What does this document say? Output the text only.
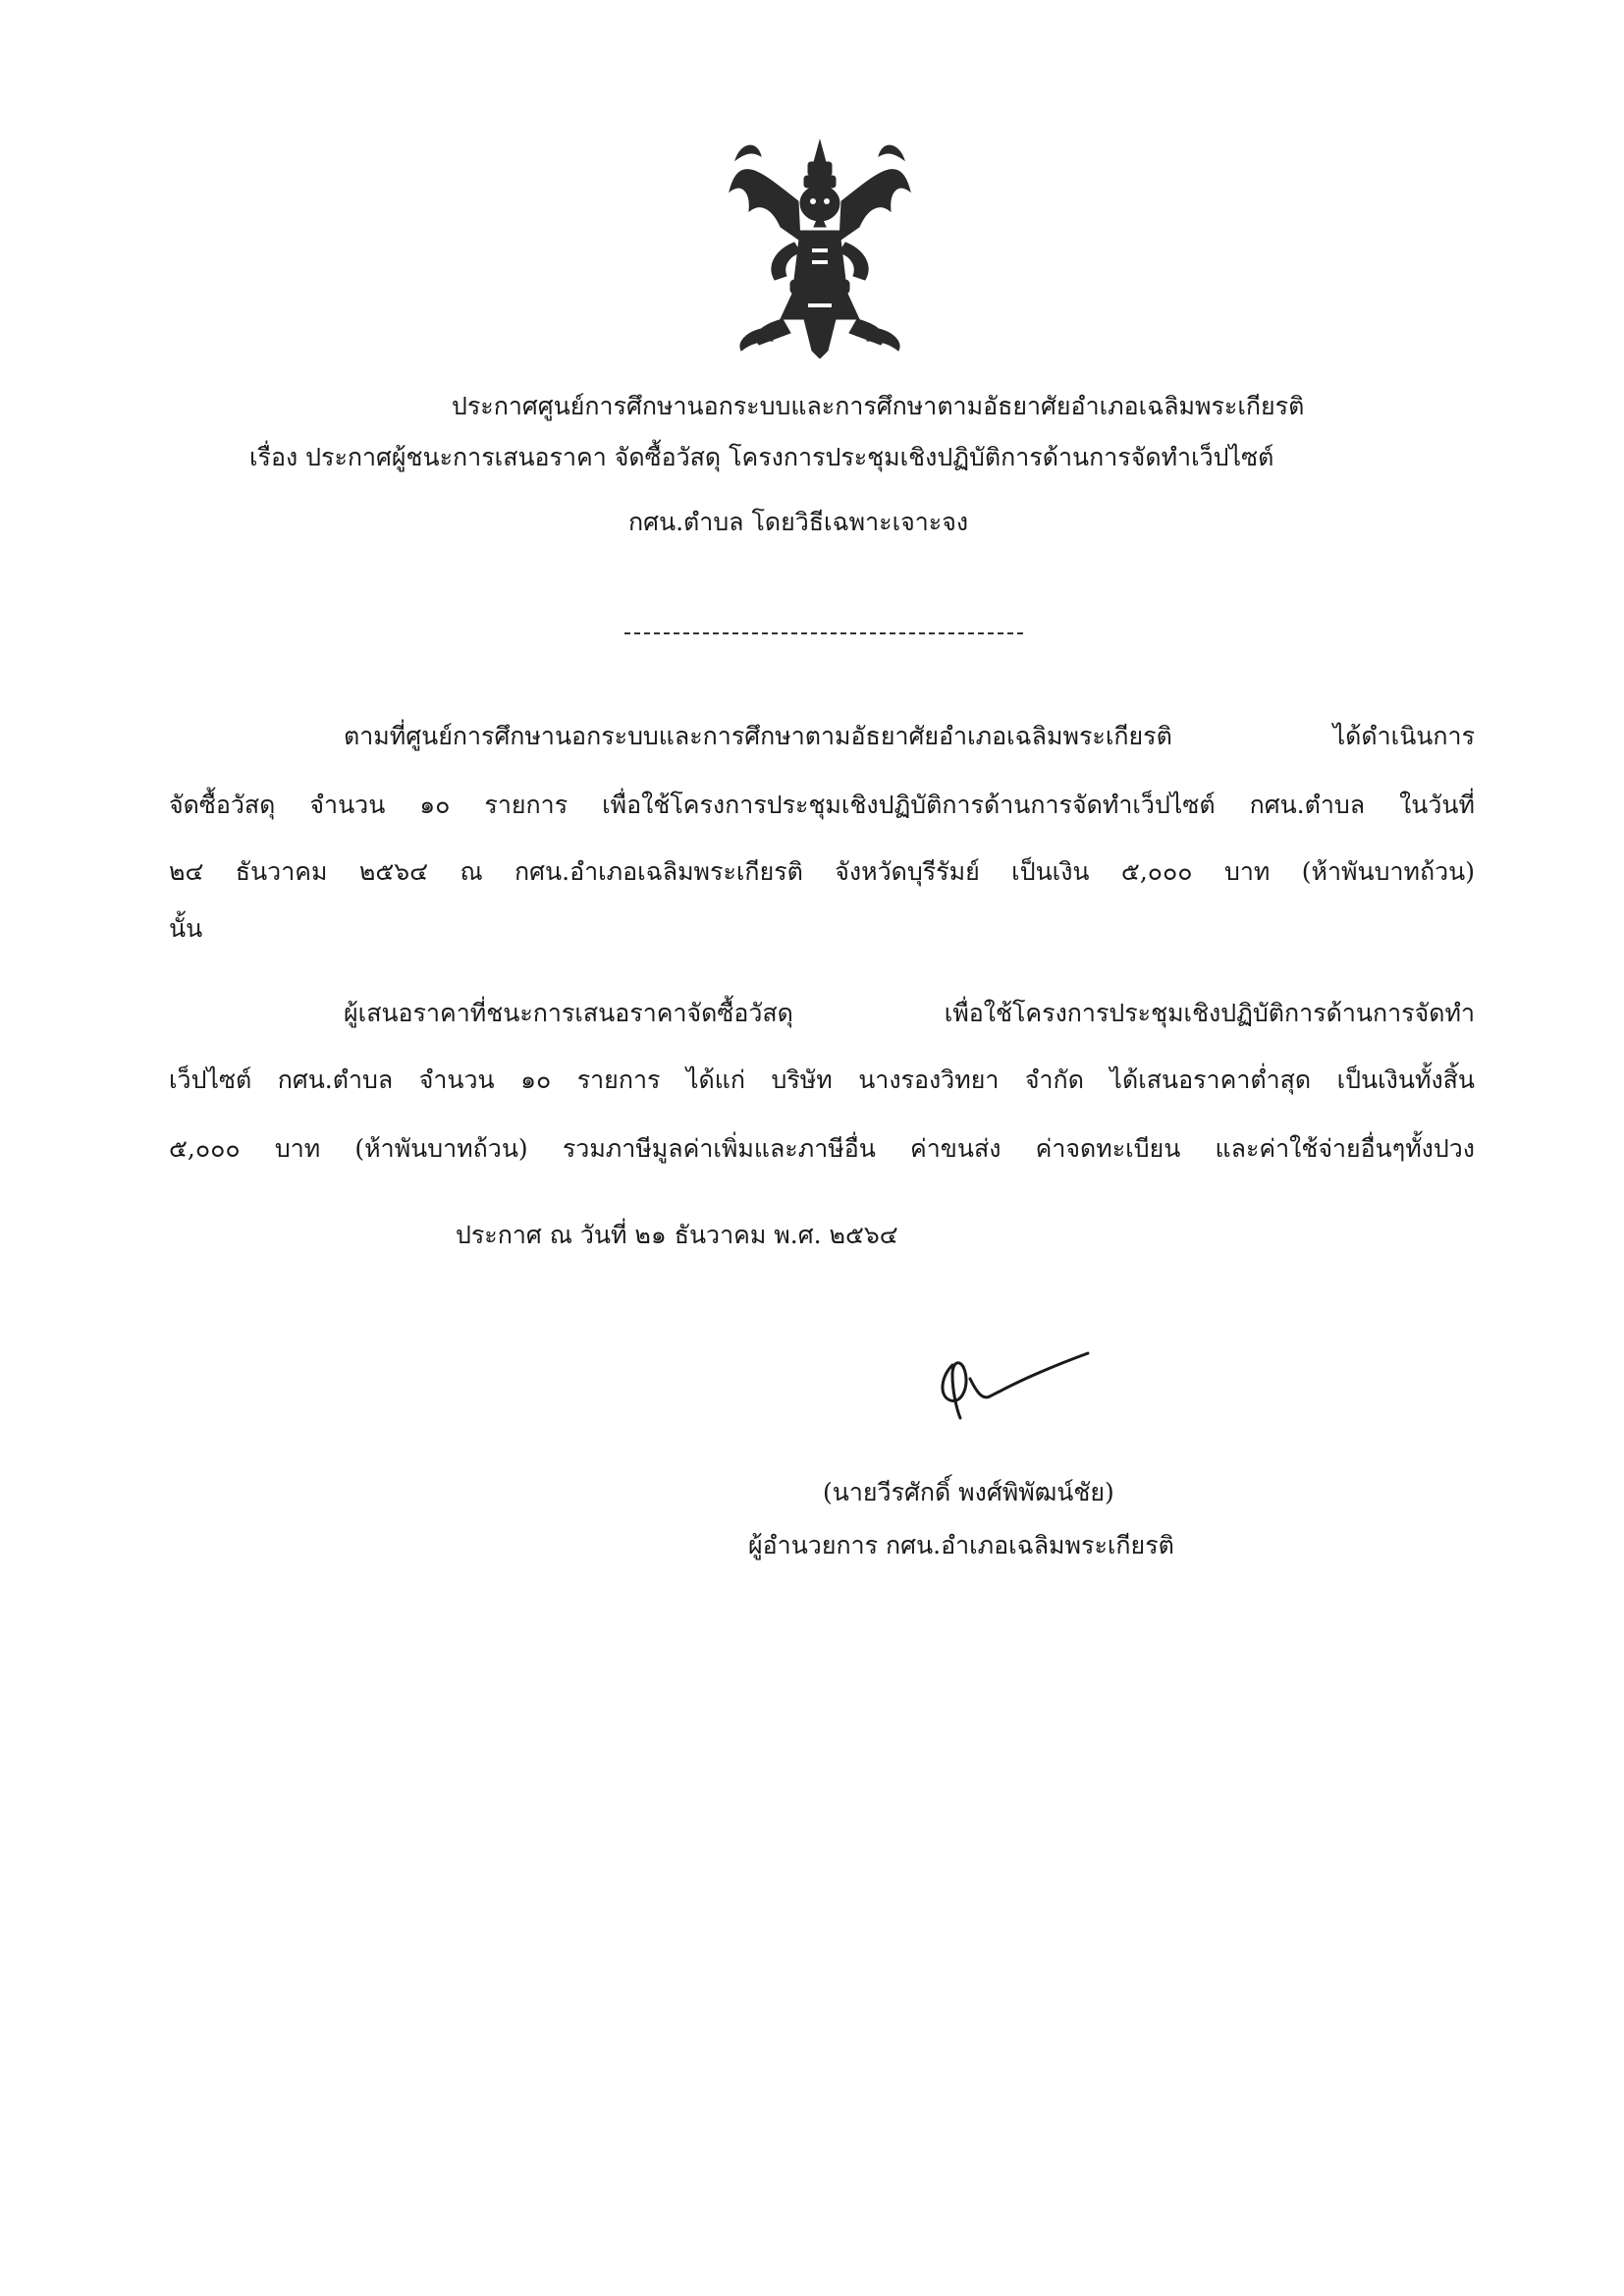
ประกาศศูนย์การศึกษานอกระบบและการศึกษาตามอัธยาศัยอำเภอเฉลิมพระเกียรติ
เรื่อง ประกาศผู้ชนะการเสนอราคา จัดซื้อวัสดุ โครงการประชุมเชิงปฏิบัติการด้านการจัดทำเว็ปไซต์
กศน.ตำบล โดยวิธีเฉพาะเจาะจง
ตามที่ศูนย์การศึกษานอกระบบและการศึกษาตามอัธยาศัยอำเภอเฉลิมพระเกียรติ ได้ดำเนินการ
จัดซื้อวัสดุ จำนวน ๑๐ รายการ เพื่อใช้โครงการประชุมเชิงปฏิบัติการด้านการจัดทำเว็ปไซต์ กศน.ตำบล ในวันที่
๒๔ ธันวาคม ๒๕๖๔ ณ กศน.อำเภอเฉลิมพระเกียรติ จังหวัดบุรีรัมย์ เป็นเงิน ๕,๐๐๐ บาท (ห้าพันบาทถ้วน)
นั้น
ผู้เสนอราคาที่ชนะการเสนอราคาจัดซื้อวัสดุ เพื่อใช้โครงการประชุมเชิงปฏิบัติการด้านการจัดทำ
เว็ปไซต์ กศน.ตำบล จำนวน ๑๐ รายการ ได้แก่ บริษัท นางรองวิทยา จำกัด ได้เสนอราคาต่ำสุด เป็นเงินทั้งสิ้น
๕,๐๐๐ บาท (ห้าพันบาทถ้วน) รวมภาษีมูลค่าเพิ่มและภาษีอื่น ค่าขนส่ง ค่าจดทะเบียน และค่าใช้จ่ายอื่นๆทั้งปวง
ประกาศ ณ วันที่ ๒๑ ธันวาคม พ.ศ. ๒๕๖๔
(นายวีรศักดิ์ พงศ์พิพัฒน์ชัย)
ผู้อำนวยการ กศน.อำเภอเฉลิมพระเกียรติ
